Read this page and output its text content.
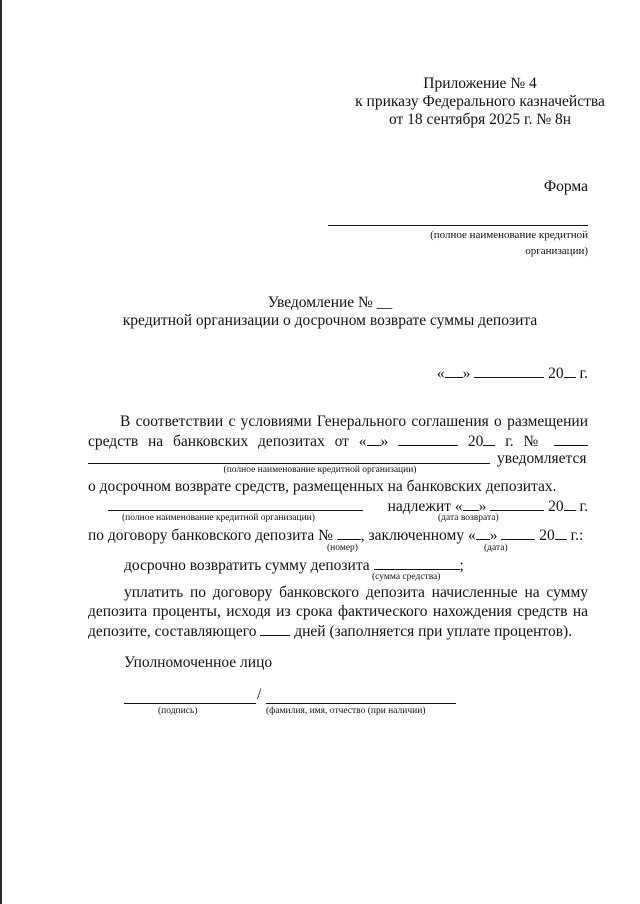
Приложение № 4
к приказу Федерального казначейства
от 18 сентября 2025 г. № 8н
Форма
(полное наименование кредитной
организации)
Уведомление № __
кредитной организации о досрочном возврате суммы депозита
« »	20 г.
В соответствии с условиями Генерального соглашения о размещении
средств на банковских депозитах от « »	20 г. №
уведомляется
(полное наименование кредитной организации)
о досрочном возврате средств, размещенных на банковских депозитах.
надлежит « »	20 г.
(полное наименование кредитной организации)	(дата возврата)
по договору банковского депозита № , заключенному « »	20 г.:
(номер)	(дата)
досрочно возвратить сумму депозита	;
(сумма средства)
уплатить по договору банковского депозита начисленные на сумму
депозита проценты, исходя из срока фактического нахождения средств на
депозите, составляющего дней (заполняется при уплате процентов).
Уполномоченное лицо
/
(подпись)	(фамилия, имя, отчество (при наличии)
